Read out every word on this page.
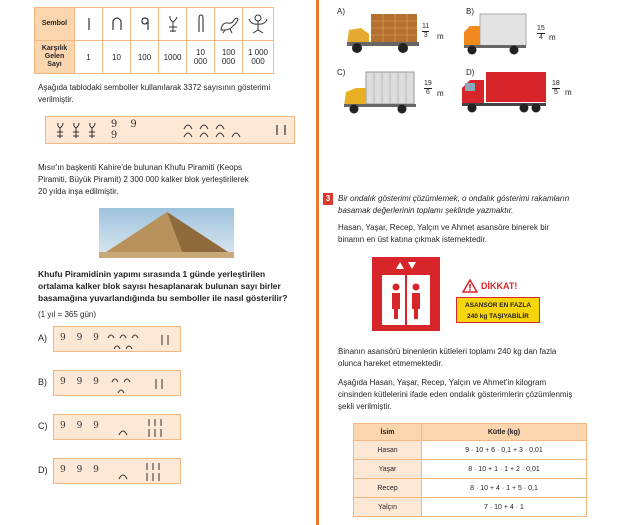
Sembol	

Karşılık
Gelen
Sayı	1	10	100	1000	10 000	100 000	1 000 000
Aşağıda tablodaki semboller kullanılarak 3372 sayısının gösterimi
verilmiştir.
9 9 9
Mısır'ın başkenti Kahire'de bulunan Khufu Piramiti (Keops
Piramiti, Büyük Piramit) 2 300 000 kalker blok yerleştirilerek
20 yılda inşa edilmiştir.
Khufu Piramidinin yapımı sırasında 1 günde yerleştirilen
ortalama kalker blok sayısı hesaplanarak bulunan sayı birler
basamağına yuvarlandığında bu semboller ile nasıl gösterilir?
(1 yıl = 365 gün)
A) 9 9 9
B) 9 9 9
C) 9 9 9
D) 9 9 9
A)
$\frac{11}{3}$ m
B)
$\frac{15}{4}$ m
C)
$\frac{19}{6}$ m
D)
$\frac{18}{5}$ m
3 Bir ondalık gösterimi çözümlemek, o ondalık gösterimi rakamların
basamak değerlerinin toplamı şeklinde yazmaktır.
Hasan, Yaşar, Recep, Yalçın ve Ahmet asansöre binerek bir
binanın en üst katına çıkmak istemektedir.
DİKKAT!
ASANSÖR EN FAZLA
240 kg TAŞIYABİLİR
Binanın asansörü binenlerin kütleleri toplamı 240 kg dan fazla
olunca hareket etmemektedir.
Aşağıda Hasan, Yaşar, Recep, Yalçın ve Ahmet'in kilogram
cinsinden kütlelerini ifade eden ondalık gösterimlerin çözümlenmiş
şekli verilmiştir.
İsim	Kütle (kg)
Hasan	9 · 10 + 6 · 0,1 + 3 · 0,01
Yaşar	8 · 10 + 1 · 1 + 2 · 0,01
Recep	8 · 10 + 4 · 1 + 5 · 0,1
Yalçın	7 · 10 + 4 · 1
